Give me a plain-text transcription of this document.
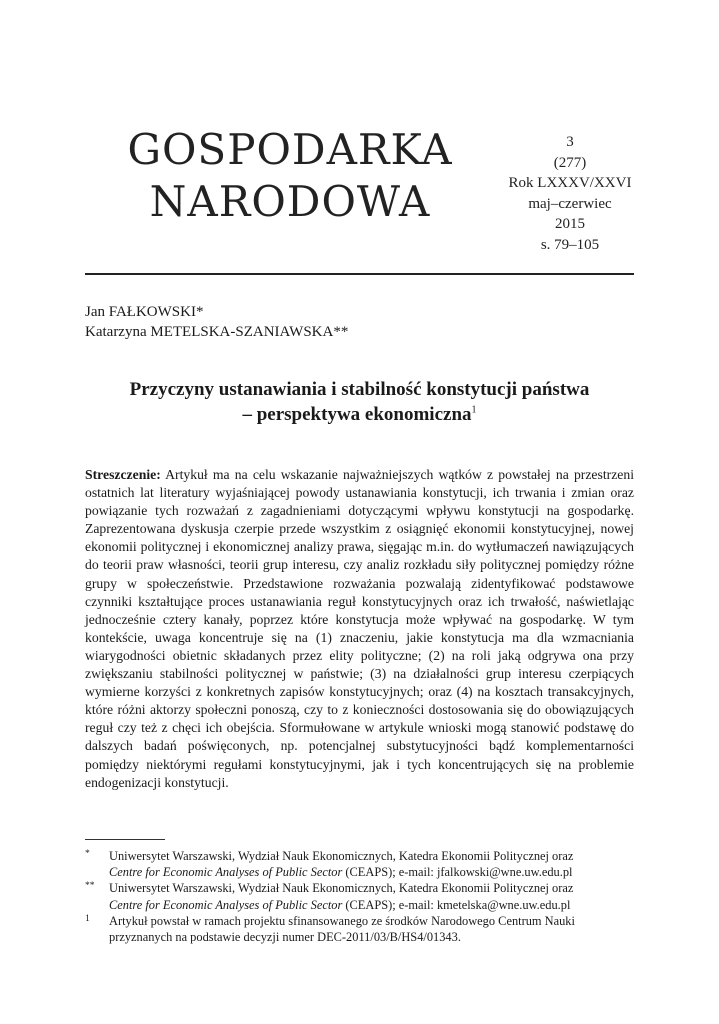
GOSPODARKA
NARODOWA
3
(277)
Rok LXXXV/XXVI
maj–czerwiec
2015
s. 79–105
Jan FAŁKOWSKI*
Katarzyna METELSKA-SZANIAWSKA**
Przyczyny ustanawiania i stabilność konstytucji państwa
– perspektywa ekonomiczna$^1$

Streszczenie: Artykuł ma na celu wskazanie najważniejszych wątków z powstałej na przestrzeni ostatnich lat literatury wyjaśniającej powody ustanawiania konstytucji, ich trwania i zmian oraz powiązanie tych rozważań z zagadnieniami dotyczącymi wpływu konstytucji na gospodarkę. Zaprezentowana dyskusja czerpie przede wszystkim z osiągnięć ekonomii konstytucyjnej, nowej ekonomii politycznej i ekonomicznej analizy prawa, sięgając m.in. do wytłumaczeń nawiązujących do teorii praw własności, teorii grup interesu, czy analiz rozkładu siły politycznej pomiędzy różne grupy w społeczeństwie. Przedstawione rozważania pozwalają zidentyfikować podstawowe czynniki kształtujące proces ustanawiania reguł konstytucyjnych oraz ich trwałość, naświetlając jednocześnie cztery kanały, poprzez które konstytucja może wpływać na gospodarkę. W tym kontekście, uwaga koncentruje się na (1) znaczeniu, jakie konstytucja ma dla wzmacniania wiarygodności obietnic składanych przez elity polityczne; (2) na roli jaką odgrywa ona przy zwiększaniu stabilności politycznej w państwie; (3) na działalności grup interesu czerpiących wymierne korzyści z konkretnych zapisów konstytucyjnych; oraz (4) na kosztach transakcyjnych, które różni aktorzy społeczni ponoszą, czy to z konieczności dostosowania się do obowiązujących reguł czy też z chęci ich obejścia. Sformułowane w artykule wnioski mogą stanowić podstawę do dalszych badań poświęconych, np. potencjalnej substytucyjności bądź komplementarności pomiędzy niektórymi regułami konstytucyjnymi, jak i tych koncentrujących się na problemie endogenizacji konstytucji.

* Uniwersytet Warszawski, Wydział Nauk Ekonomicznych, Katedra Ekonomii Politycznej oraz
Centre for Economic Analyses of Public Sector (CEAPS); e-mail: jfalkowski@wne.uw.edu.pl
** Uniwersytet Warszawski, Wydział Nauk Ekonomicznych, Katedra Ekonomii Politycznej oraz
Centre for Economic Analyses of Public Sector (CEAPS); e-mail: kmetelska@wne.uw.edu.pl
1 Artykuł powstał w ramach projektu sfinansowanego ze środków Narodowego Centrum Nauki
przyznanych na podstawie decyzji numer DEC-2011/03/B/HS4/01343.
